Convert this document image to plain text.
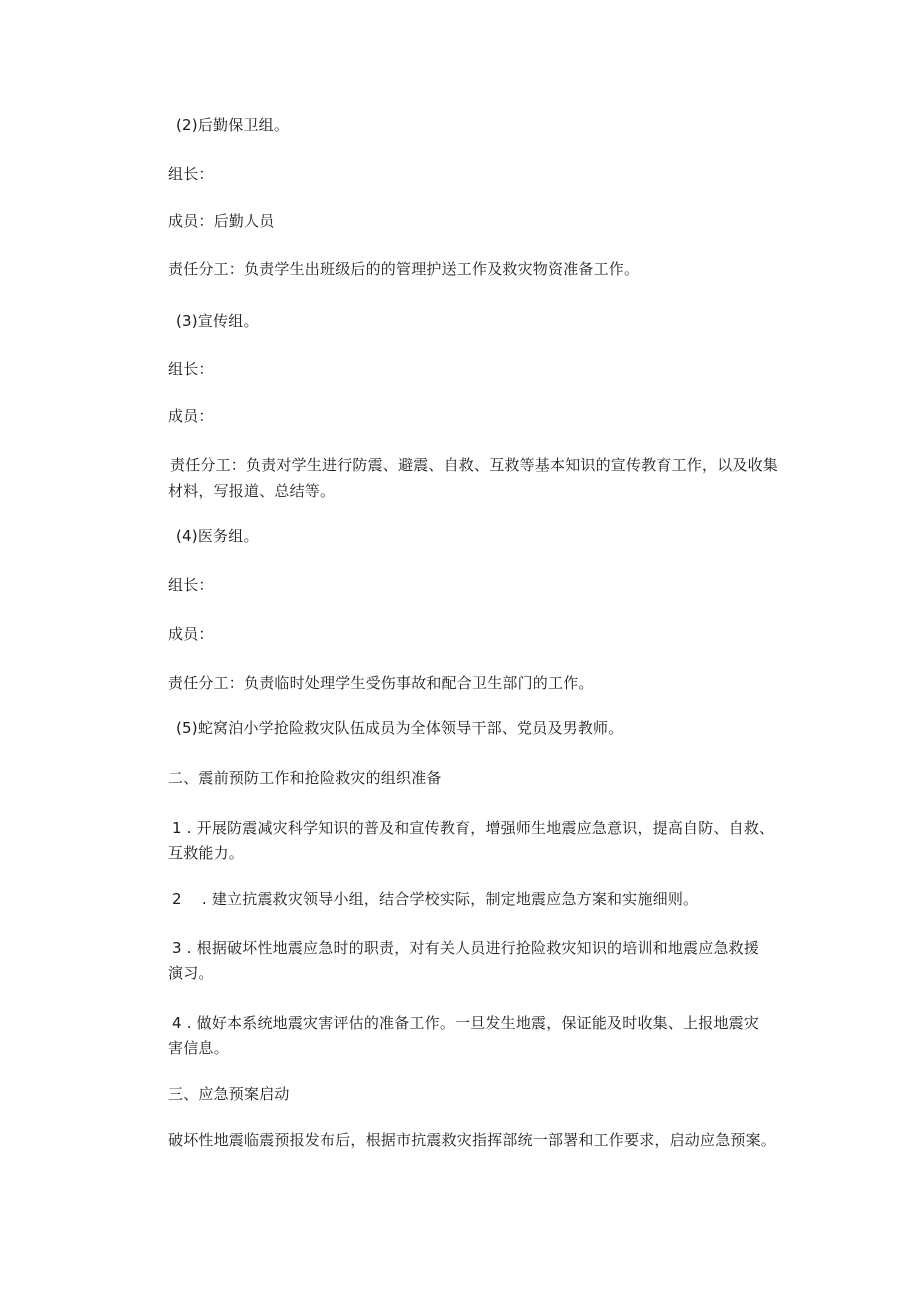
(2)后勤保卫组。
组长：
成员：后勤人员
责任分工：负责学生出班级后的的管理护送工作及救灾物资准备工作。
(3)宣传组。
组长：
成员：
责任分工：负责对学生进行防震、避震、自救、互救等基本知识的宣传教育工作，以及收集
材料，写报道、总结等。
(4)医务组。
组长：
成员：
责任分工：负责临时处理学生受伤事故和配合卫生部门的工作。
(5)蛇窝泊小学抢险救灾队伍成员为全体领导干部、党员及男教师。
二、震前预防工作和抢险救灾的组织准备
1 . 开展防震减灾科学知识的普及和宣传教育，增强师生地震应急意识，提高自防、自救、
互救能力。
2　 . 建立抗震救灾领导小组，结合学校实际，制定地震应急方案和实施细则。
3 . 根据破坏性地震应急时的职责，对有关人员进行抢险救灾知识的培训和地震应急救援
演习。
4 . 做好本系统地震灾害评估的准备工作。一旦发生地震，保证能及时收集、上报地震灾
害信息。
三、应急预案启动
破坏性地震临震预报发布后，根据市抗震救灾指挥部统一部署和工作要求，启动应急预案。
